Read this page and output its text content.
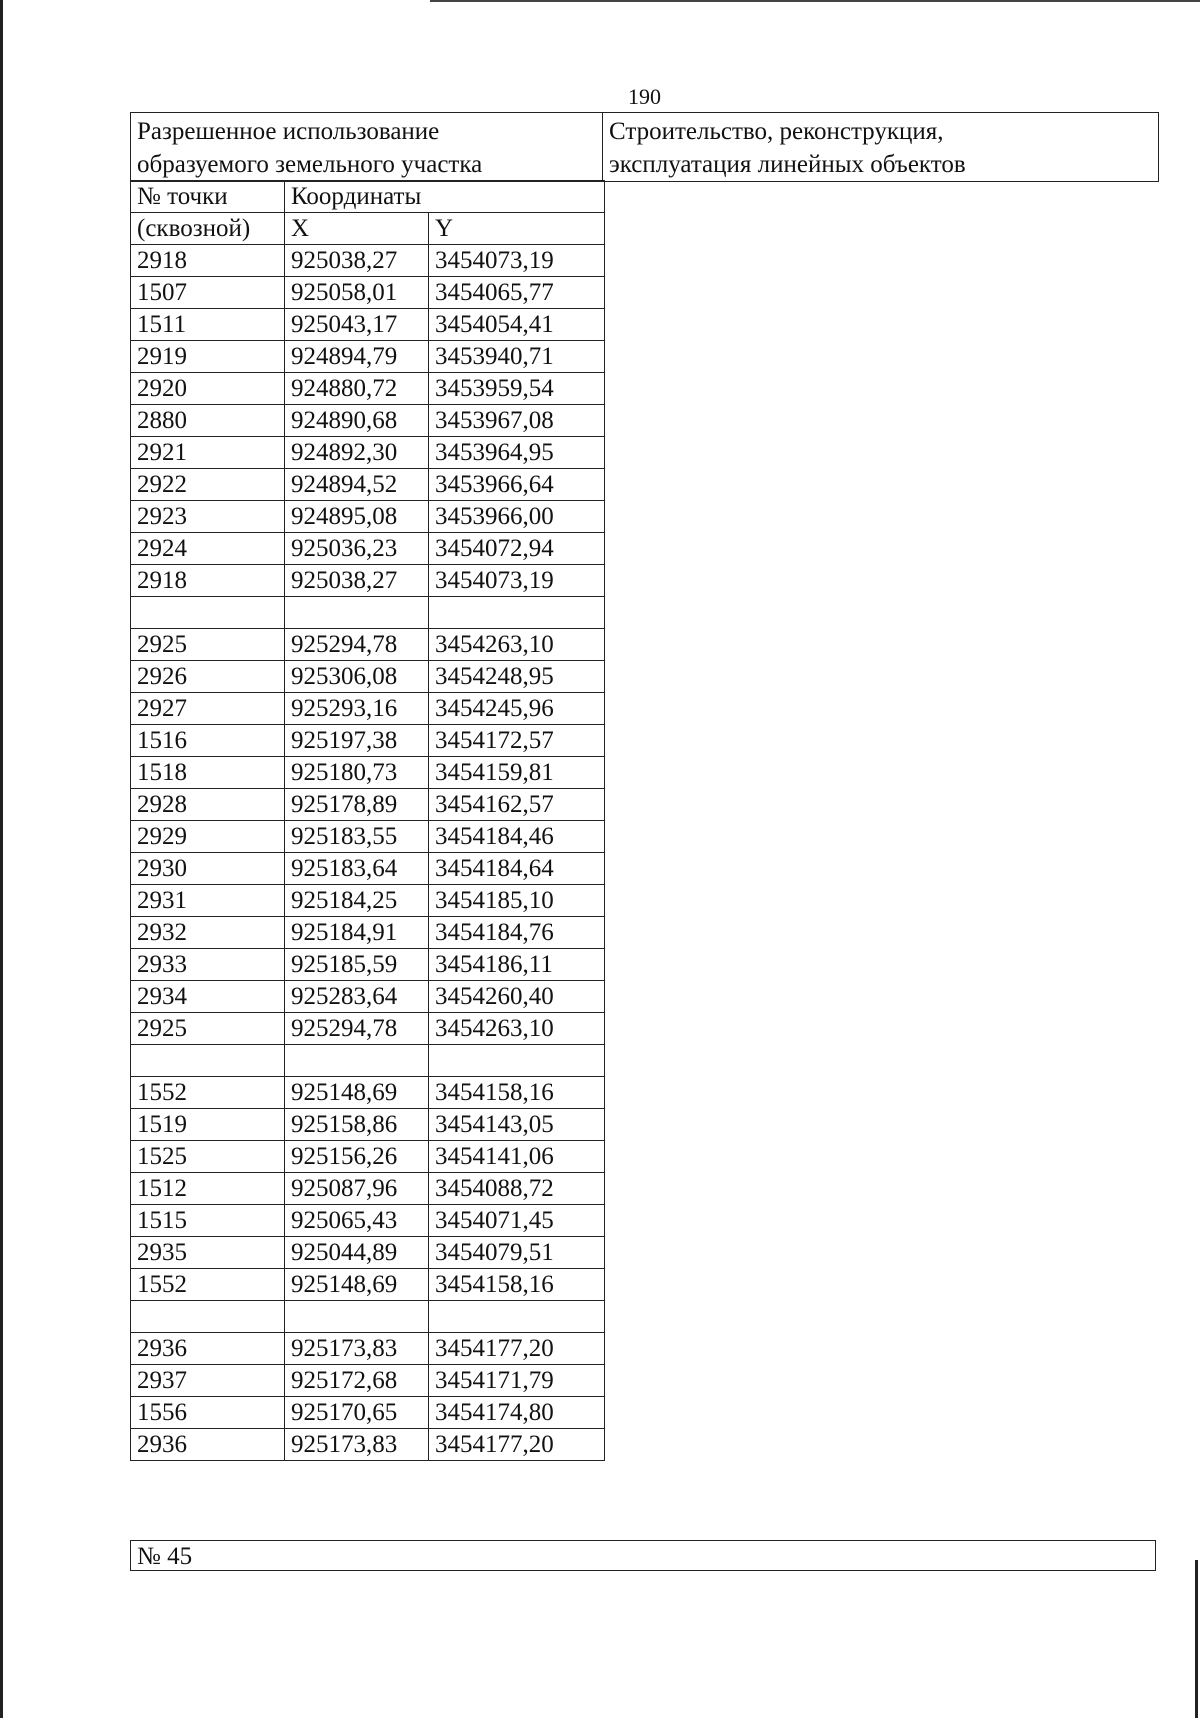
190
Разрешенное использование
образуемого земельного участка

Строительство, реконструкция,
эксплуатация линейных объектов
№ точки	Координаты	
(сквозной)	X	Y
2918	925038,27	3454073,19
1507	925058,01	3454065,77
1511	925043,17	3454054,41
2919	924894,79	3453940,71
2920	924880,72	3453959,54
2880	924890,68	3453967,08
2921	924892,30	3453964,95
2922	924894,52	3453966,64
2923	924895,08	3453966,00
2924	925036,23	3454072,94
2918	925038,27	3454073,19

2925	925294,78	3454263,10
2926	925306,08	3454248,95
2927	925293,16	3454245,96
1516	925197,38	3454172,57
1518	925180,73	3454159,81
2928	925178,89	3454162,57
2929	925183,55	3454184,46
2930	925183,64	3454184,64
2931	925184,25	3454185,10
2932	925184,91	3454184,76
2933	925185,59	3454186,11
2934	925283,64	3454260,40
2925	925294,78	3454263,10

1552	925148,69	3454158,16
1519	925158,86	3454143,05
1525	925156,26	3454141,06
1512	925087,96	3454088,72
1515	925065,43	3454071,45
2935	925044,89	3454079,51
1552	925148,69	3454158,16

2936	925173,83	3454177,20
2937	925172,68	3454171,79
1556	925170,65	3454174,80
2936	925173,83	3454177,20
№ 45
